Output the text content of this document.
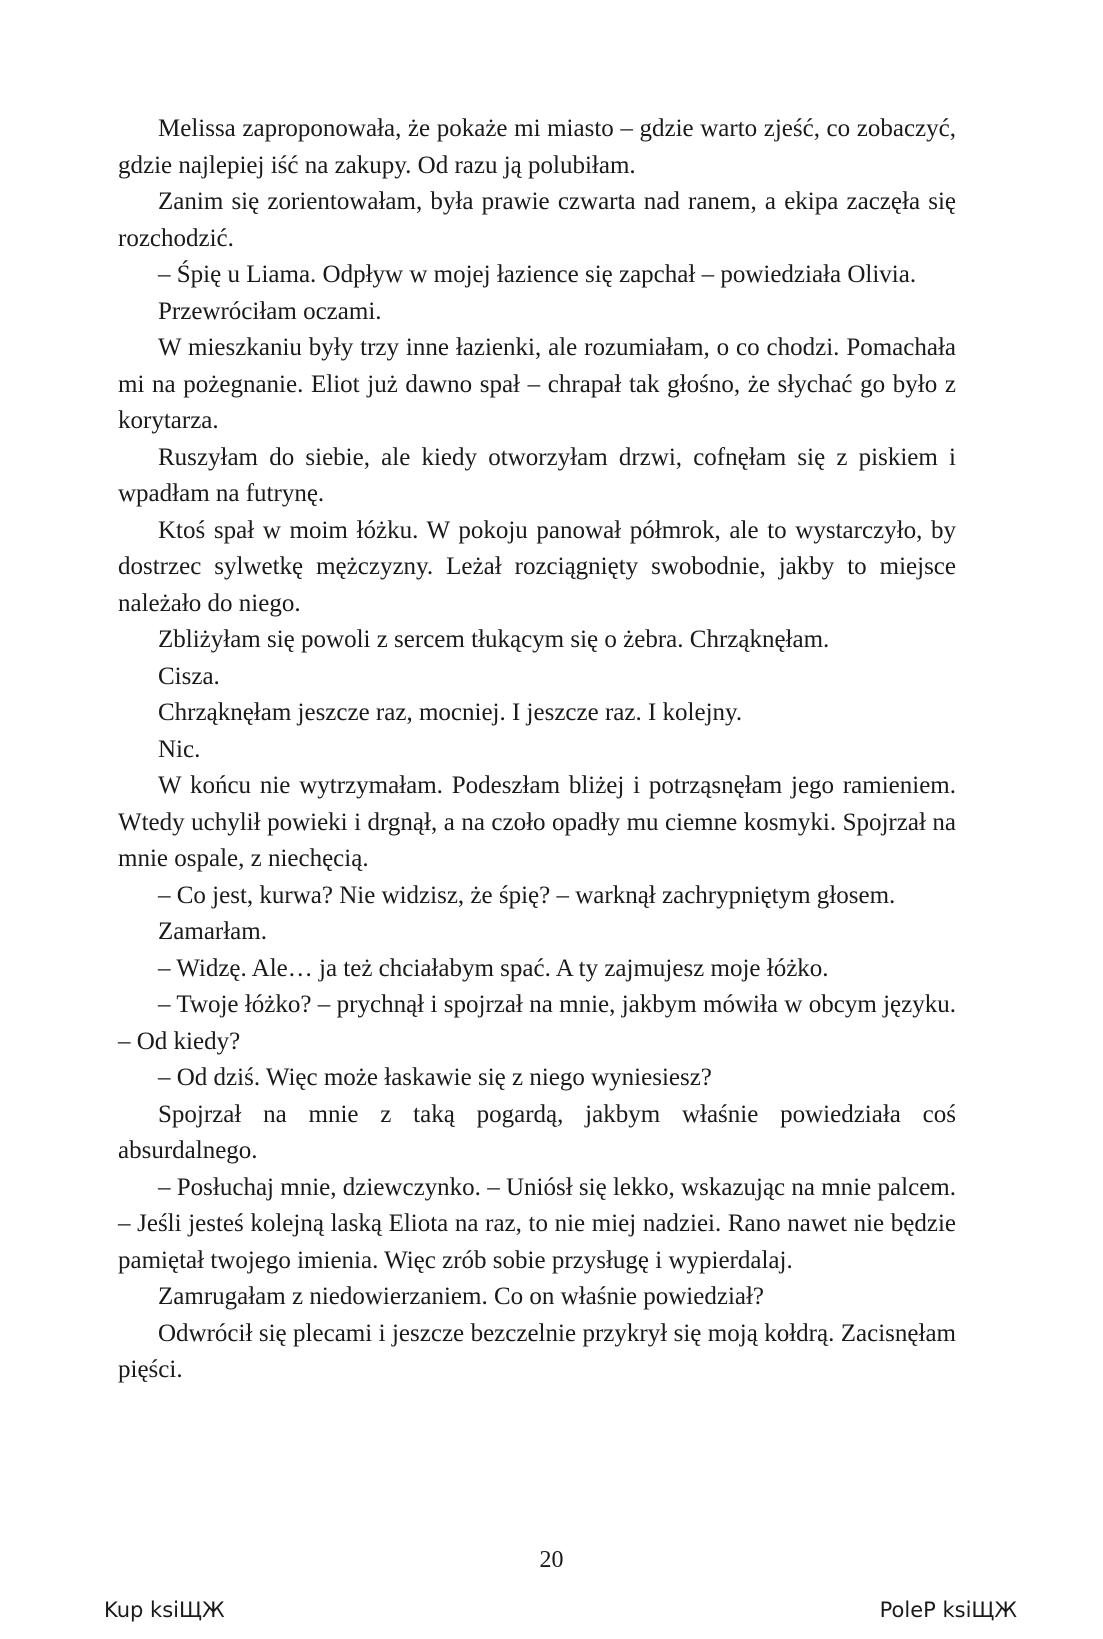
Melissa zaproponowała, że pokaże mi miasto – gdzie warto zjeść, co zobaczyć, gdzie najlepiej iść na zakupy. Od razu ją polubiłam.

Zanim się zorientowałam, była prawie czwarta nad ranem, a ekipa zaczęła się rozchodzić.

– Śpię u Liama. Odpływ w mojej łazience się zapchał – powiedziała Olivia.

Przewróciłam oczami.

W mieszkaniu były trzy inne łazienki, ale rozumiałam, o co chodzi. Pomachała mi na pożegnanie. Eliot już dawno spał – chrapał tak głośno, że słychać go było z korytarza.

Ruszyłam do siebie, ale kiedy otworzyłam drzwi, cofnęłam się z piskiem i wpadłam na futrynę.

Ktoś spał w moim łóżku. W pokoju panował półmrok, ale to wystarczyło, by dostrzec sylwetkę mężczyzny. Leżał rozciągnięty swobodnie, jakby to miejsce należało do niego.

Zbliżyłam się powoli z sercem tłukącym się o żebra. Chrząknęłam.

Cisza.

Chrząknęłam jeszcze raz, mocniej. I jeszcze raz. I kolejny.

Nic.

W końcu nie wytrzymałam. Podeszłam bliżej i potrząsnęłam jego ramieniem. Wtedy uchylił powieki i drgnął, a na czoło opadły mu ciemne kosmyki. Spojrzał na mnie ospale, z niechęcią.

– Co jest, kurwa? Nie widzisz, że śpię? – warknął zachrypniętym głosem.

Zamarłam.

– Widzę. Ale… ja też chciałabym spać. A ty zajmujesz moje łóżko.

– Twoje łóżko? – prychnął i spojrzał na mnie, jakbym mówiła w obcym języku. – Od kiedy?

– Od dziś. Więc może łaskawie się z niego wyniesiesz?

Spojrzał na mnie z taką pogardą, jakbym właśnie powiedziała coś absurdalnego.

– Posłuchaj mnie, dziewczynko. – Uniósł się lekko, wskazując na mnie palcem. – Jeśli jesteś kolejną laską Eliota na raz, to nie miej nadziei. Rano nawet nie będzie pamiętał twojego imienia. Więc zrób sobie przysługę i wypierdalaj.

Zamrugałam z niedowierzaniem. Co on właśnie powiedział?

Odwrócił się plecami i jeszcze bezczelnie przykrył się moją kołdrą. Zacisnęłam pięści.

20
Kup ksiЩЖ	PoleP ksiЩЖ
